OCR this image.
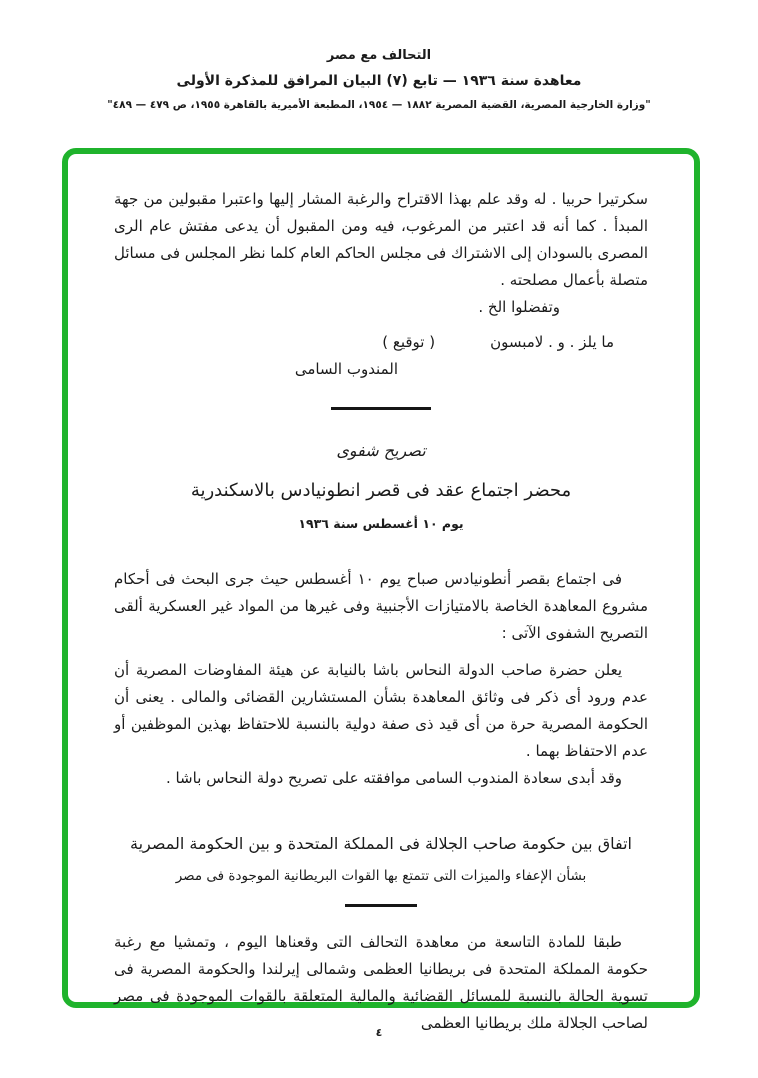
التحالف مع مصر
معاهدة سنة ١٩٣٦ — تابع (٧) البيان المرافق للمذكرة الأولى
"وزارة الخارجية المصرية، القضية المصرية ١٨٨٢ — ١٩٥٤، المطبعة الأميرية بالقاهرة ١٩٥٥، ص ٤٧٩ — ٤٨٩"

سكرتيرا حربيا . له وقد علم بهذا الاقتراح والرغبة المشار إليها واعتبرا مقبولين من جهة المبدأ . كما أنه قد اعتبر من المرغوب، فيه ومن المقبول أن يدعى مفتش عام الرى المصرى بالسودان إلى الاشتراك فى مجلس الحاكم العام كلما نظر المجلس فى مسائل متصلة بأعمال مصلحته .

وتفضلوا الخ .

ما يلز . و . لامبسون
( توقيع )
المندوب السامى
تصريح شفوى
محضر اجتماع عقد فى قصر انطونيادس بالاسكندرية
يوم ١٠ أغسطس سنة ١٩٣٦

فى اجتماع بقصر أنطونيادس صباح يوم ١٠ أغسطس حيث جرى البحث فى أحكام مشروع المعاهدة الخاصة بالامتيازات الأجنبية وفى غيرها من المواد غير العسكرية ألقى التصريح الشفوى الآتى :

يعلن حضرة صاحب الدولة النحاس باشا بالنيابة عن هيئة المفاوضات المصرية أن عدم ورود أى ذكر فى وثائق المعاهدة بشأن المستشارين القضائى والمالى . يعنى أن الحكومة المصرية حرة من أى قيد ذى صفة دولية بالنسبة للاحتفاظ بهذين الموظفين أو عدم الاحتفاظ بهما .

وقد أبدى سعادة المندوب السامى موافقته على تصريح دولة النحاس باشا .

اتفاق بين حكومة صاحب الجلالة فى المملكة المتحدة و بين الحكومة المصرية
بشأن الإعفاء والميزات التى تتمتع بها القوات البريطانية الموجودة فى مصر

طبقا للمادة التاسعة من معاهدة التحالف التى وقعناها اليوم ، وتمشيا مع رغبة حكومة المملكة المتحدة فى بريطانيا العظمى وشمالى إيرلندا والحكومة المصرية فى تسوية الحالة بالنسبة للمسائل القضائية والمالية المتعلقة بالقوات الموجودة فى مصر لصاحب الجلالة ملك بريطانيا العظمى

٤
